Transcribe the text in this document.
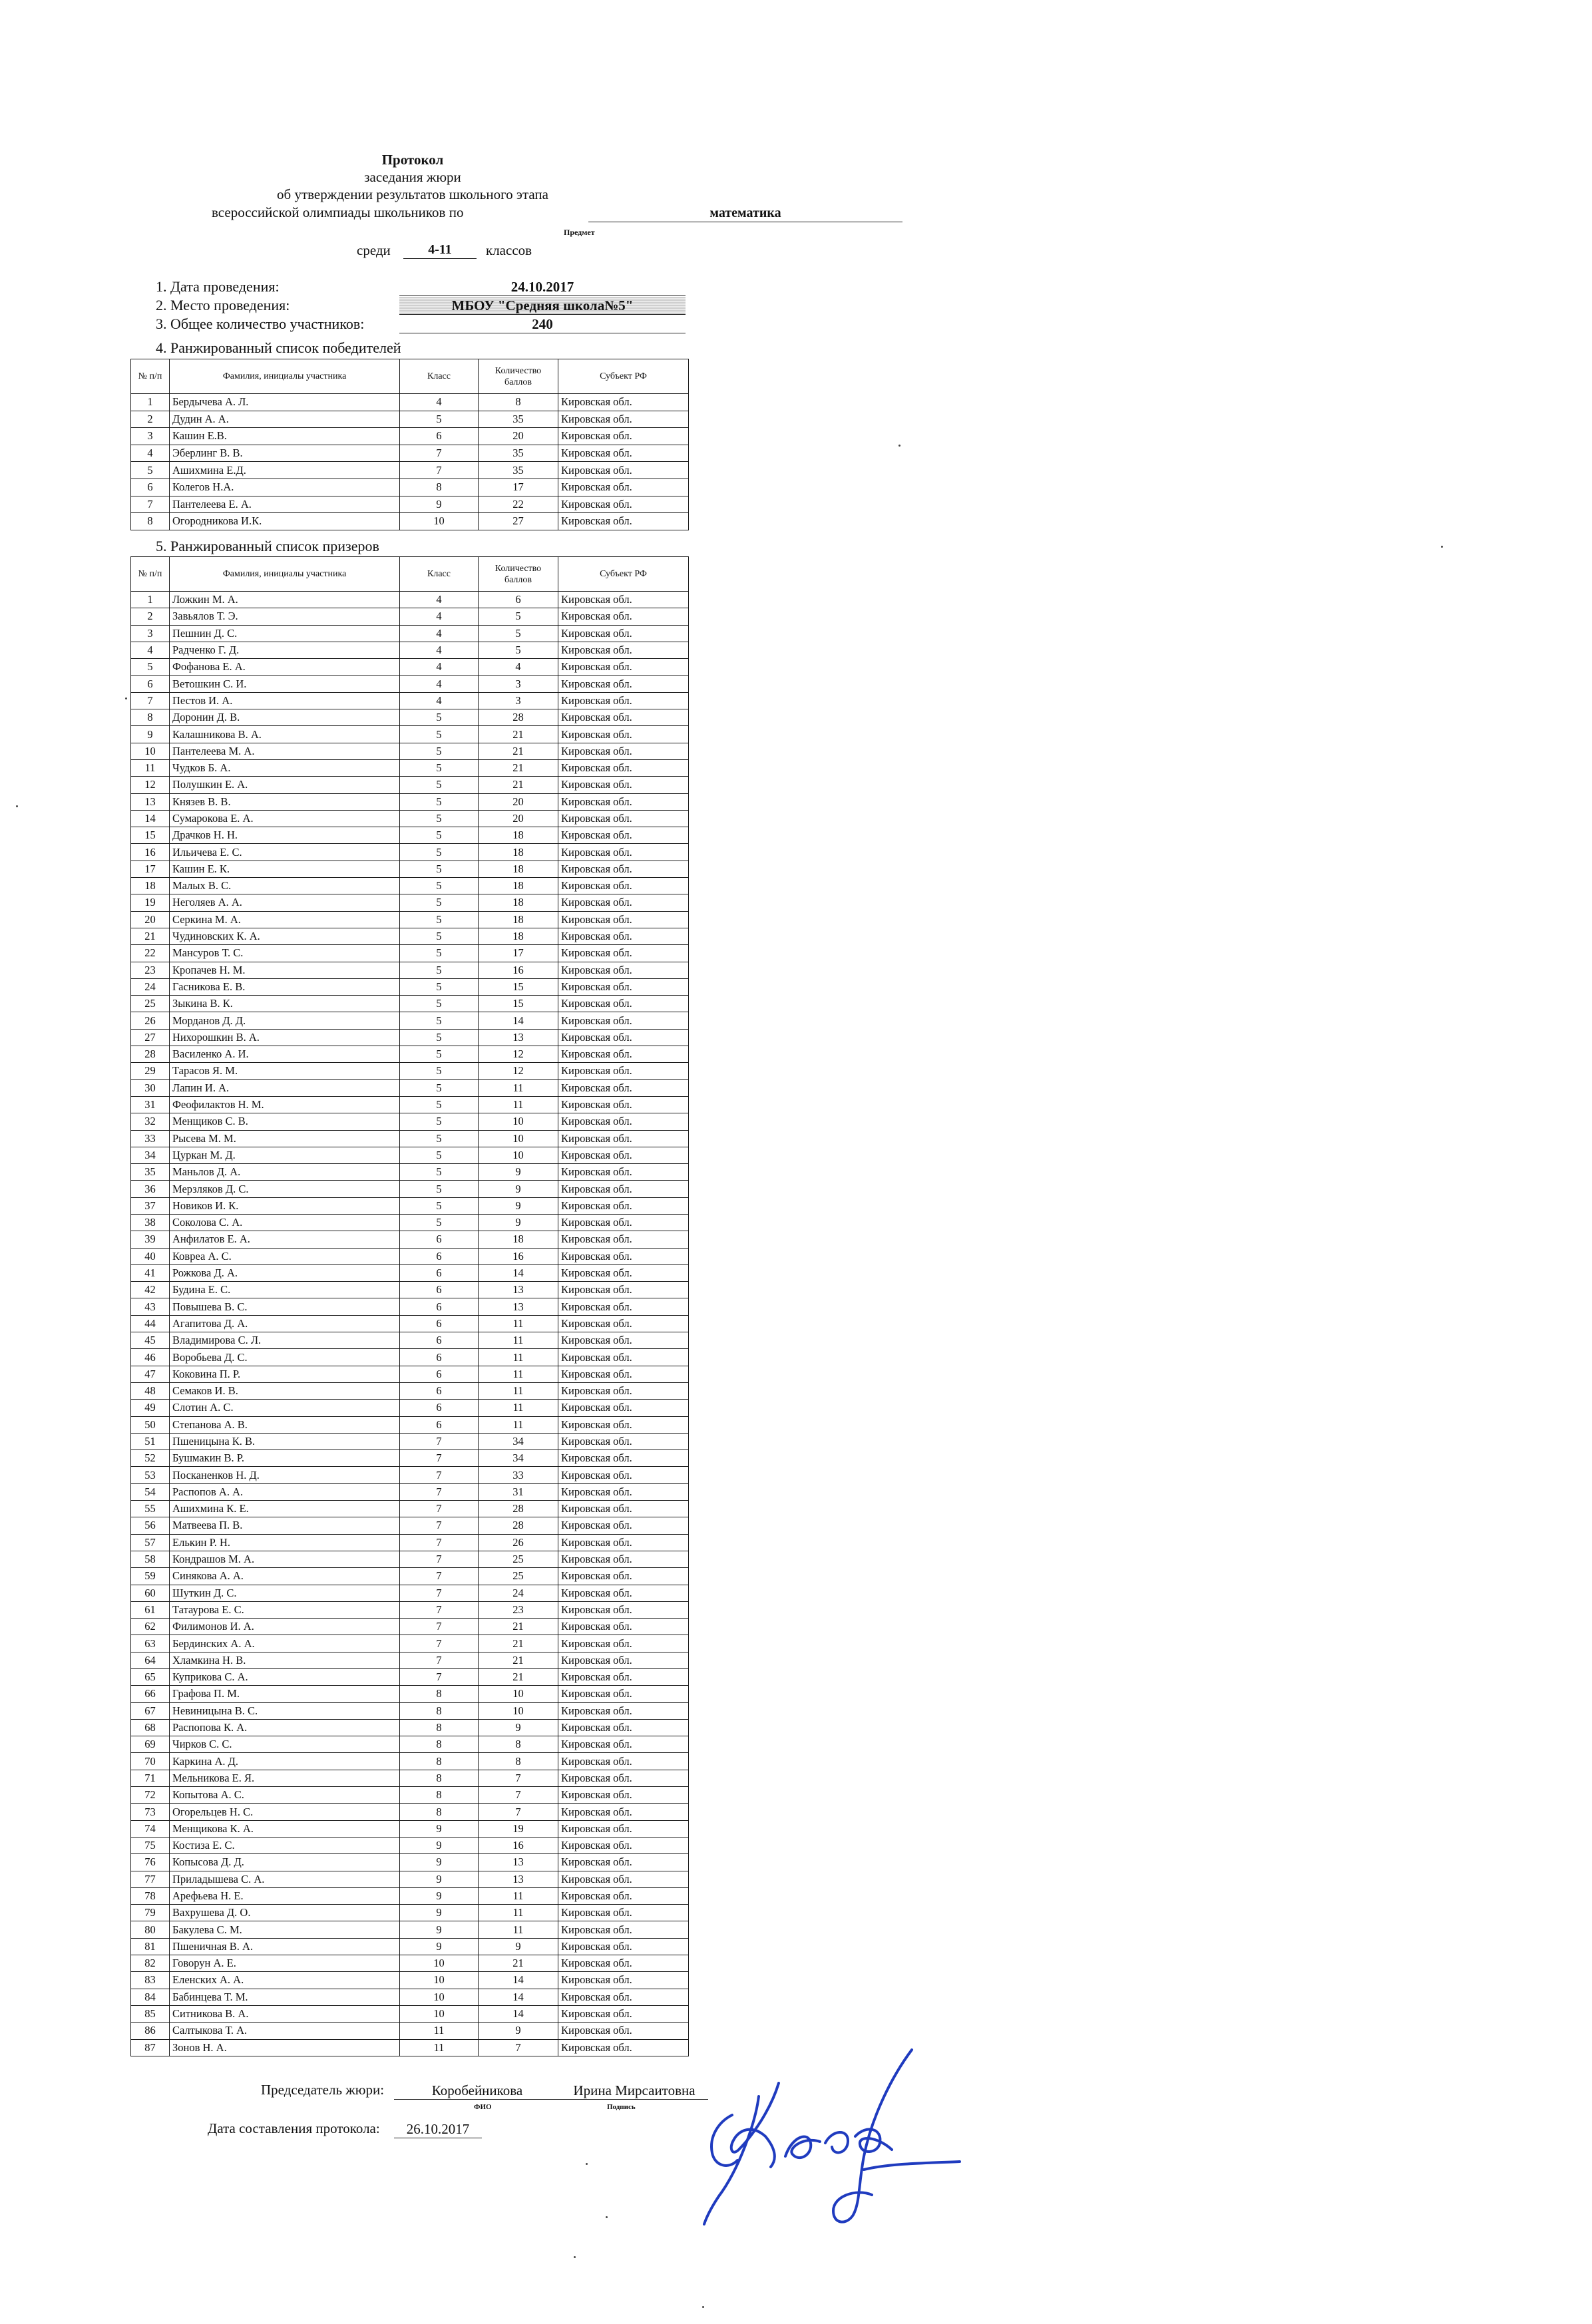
Протокол
заседания жюри
об утверждении результатов школьного этапа
всероссийской олимпиады школьников по	математика
Предмет
среди	4-11	классов
1. Дата проведения:	24.10.2017
2. Место проведения:	МБОУ "Средняя школа№5"
3. Общее количество участников:	240
4. Ранжированный список победителей
№ п/п	Фамилия, инициалы участника	Класс	Количество баллов	Субъект РФ
1	Бердычева А. Л.	4	8	Кировская обл.
2	Дудин А. А.	5	35	Кировская обл.
3	Кашин Е.В.	6	20	Кировская обл.
4	Эберлинг В. В.	7	35	Кировская обл.
5	Ашихмина Е.Д.	7	35	Кировская обл.
6	Колегов Н.А.	8	17	Кировская обл.
7	Пантелеева Е. А.	9	22	Кировская обл.
8	Огородникова И.К.	10	27	Кировская обл.
5. Ранжированный список призеров
№ п/п	Фамилия, инициалы участника	Класс	Количество баллов	Субъект РФ
1	Ложкин М. А.	4	6	Кировская обл.
2	Завьялов Т. Э.	4	5	Кировская обл.
3	Пешнин Д. С.	4	5	Кировская обл.
4	Радченко Г. Д.	4	5	Кировская обл.
5	Фофанова Е. А.	4	4	Кировская обл.
6	Ветошкин С. И.	4	3	Кировская обл.
7	Пестов И. А.	4	3	Кировская обл.
8	Доронин Д. В.	5	28	Кировская обл.
9	Калашникова В. А.	5	21	Кировская обл.
10	Пантелеева М. А.	5	21	Кировская обл.
11	Чудков Б. А.	5	21	Кировская обл.
12	Полушкин Е. А.	5	21	Кировская обл.
13	Князев В. В.	5	20	Кировская обл.
14	Сумарокова Е. А.	5	20	Кировская обл.
15	Драчков Н. Н.	5	18	Кировская обл.
16	Ильичева Е. С.	5	18	Кировская обл.
17	Кашин Е. К.	5	18	Кировская обл.
18	Малых В. С.	5	18	Кировская обл.
19	Неголяев А. А.	5	18	Кировская обл.
20	Серкина М. А.	5	18	Кировская обл.
21	Чудиновских К. А.	5	18	Кировская обл.
22	Мансуров Т. С.	5	17	Кировская обл.
23	Кропачев Н. М.	5	16	Кировская обл.
24	Гасникова Е. В.	5	15	Кировская обл.
25	Зыкина В. К.	5	15	Кировская обл.
26	Морданов Д. Д.	5	14	Кировская обл.
27	Нихорошкин В. А.	5	13	Кировская обл.
28	Василенко А. И.	5	12	Кировская обл.
29	Тарасов Я. М.	5	12	Кировская обл.
30	Лапин И. А.	5	11	Кировская обл.
31	Феофилактов Н. М.	5	11	Кировская обл.
32	Менщиков С. В.	5	10	Кировская обл.
33	Рысева М. М.	5	10	Кировская обл.
34	Цуркан М. Д.	5	10	Кировская обл.
35	Маньлов Д. А.	5	9	Кировская обл.
36	Мерзляков Д. С.	5	9	Кировская обл.
37	Новиков И. К.	5	9	Кировская обл.
38	Соколова С. А.	5	9	Кировская обл.
39	Анфилатов Е. А.	6	18	Кировская обл.
40	Ковреа А. С.	6	16	Кировская обл.
41	Рожкова Д. А.	6	14	Кировская обл.
42	Будина Е. С.	6	13	Кировская обл.
43	Повышева В. С.	6	13	Кировская обл.
44	Агапитова Д. А.	6	11	Кировская обл.
45	Владимирова С. Л.	6	11	Кировская обл.
46	Воробьева Д. С.	6	11	Кировская обл.
47	Коковина П. Р.	6	11	Кировская обл.
48	Семаков И. В.	6	11	Кировская обл.
49	Слотин А. С.	6	11	Кировская обл.
50	Степанова А. В.	6	11	Кировская обл.
51	Пшеницына К. В.	7	34	Кировская обл.
52	Бушмакин В. Р.	7	34	Кировская обл.
53	Посканенков Н. Д.	7	33	Кировская обл.
54	Распопов А. А.	7	31	Кировская обл.
55	Ашихмина К. Е.	7	28	Кировская обл.
56	Матвеева П. В.	7	28	Кировская обл.
57	Елькин Р. Н.	7	26	Кировская обл.
58	Кондрашов М. А.	7	25	Кировская обл.
59	Синякова А. А.	7	25	Кировская обл.
60	Шуткин Д. С.	7	24	Кировская обл.
61	Татаурова Е. С.	7	23	Кировская обл.
62	Филимонов И. А.	7	21	Кировская обл.
63	Бердинских А. А.	7	21	Кировская обл.
64	Хламкина Н. В.	7	21	Кировская обл.
65	Куприкова С. А.	7	21	Кировская обл.
66	Графова П. М.	8	10	Кировская обл.
67	Невиницына В. С.	8	10	Кировская обл.
68	Распопова К. А.	8	9	Кировская обл.
69	Чирков С. С.	8	8	Кировская обл.
70	Каркина А. Д.	8	8	Кировская обл.
71	Мельникова Е. Я.	8	7	Кировская обл.
72	Копытова А. С.	8	7	Кировская обл.
73	Огорельцев Н. С.	8	7	Кировская обл.
74	Менщикова К. А.	9	19	Кировская обл.
75	Костиза Е. С.	9	16	Кировская обл.
76	Копысова Д. Д.	9	13	Кировская обл.
77	Приладышева С. А.	9	13	Кировская обл.
78	Арефьева Н. Е.	9	11	Кировская обл.
79	Вахрушева Д. О.	9	11	Кировская обл.
80	Бакулева С. М.	9	11	Кировская обл.
81	Пшеничная В. А.	9	9	Кировская обл.
82	Говорун А. Е.	10	21	Кировская обл.
83	Еленских А. А.	10	14	Кировская обл.
84	Бабинцева Т. М.	10	14	Кировская обл.
85	Ситникова В. А.	10	14	Кировская обл.
86	Салтыкова Т. А.	11	9	Кировская обл.
87	Зонов Н. А.	11	7	Кировская обл.
Председатель жюри:	Коробейникова	Ирина Мирсаитовна
ФИО	Подпись
Дата составления протокола:	26.10.2017
